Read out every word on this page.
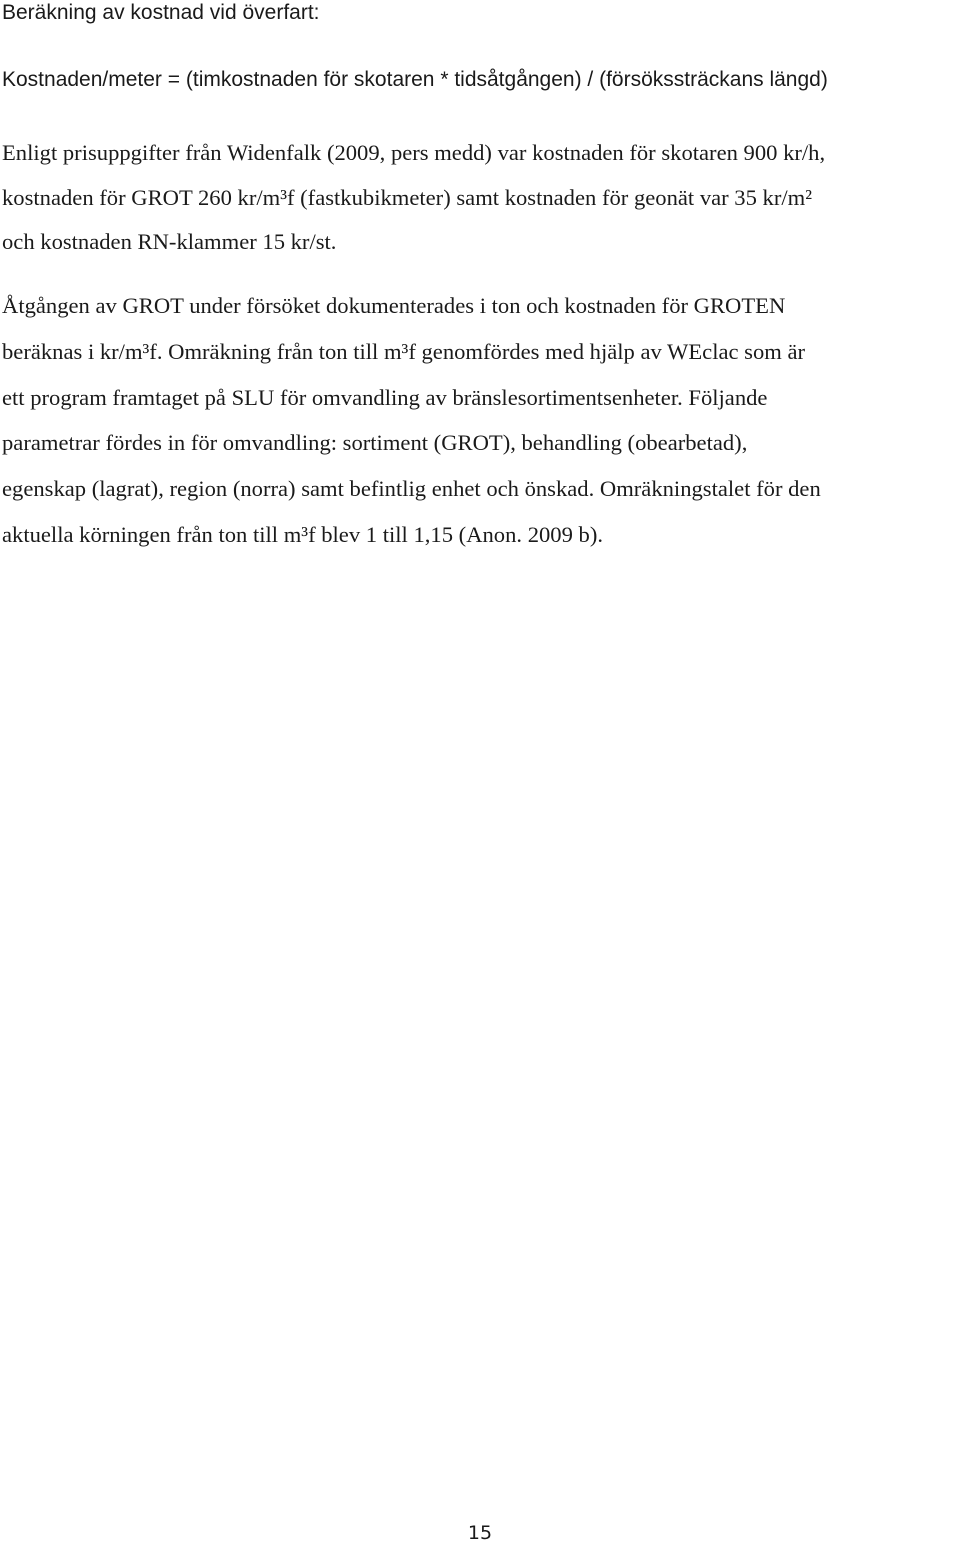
Beräkning av kostnad vid överfart:

Kostnaden/meter = (timkostnaden för skotaren * tidsåtgången) / (försökssträckans längd)

Enligt prisuppgifter från Widenfalk (2009, pers medd) var kostnaden för skotaren 900 kr/h,
kostnaden för GROT 260 kr/m³f (fastkubikmeter) samt kostnaden för geonät var 35 kr/m²
och kostnaden RN-klammer 15 kr/st.

Åtgången av GROT under försöket dokumenterades i ton och kostnaden för GROTEN
beräknas i kr/m³f. Omräkning från ton till m³f genomfördes med hjälp av WEclac som är
ett program framtaget på SLU för omvandling av bränslesortimentsenheter. Följande
parametrar fördes in för omvandling: sortiment (GROT), behandling (obearbetad),
egenskap (lagrat), region (norra) samt befintlig enhet och önskad. Omräkningstalet för den
aktuella körningen från ton till m³f blev 1 till 1,15 (Anon. 2009 b).

15
